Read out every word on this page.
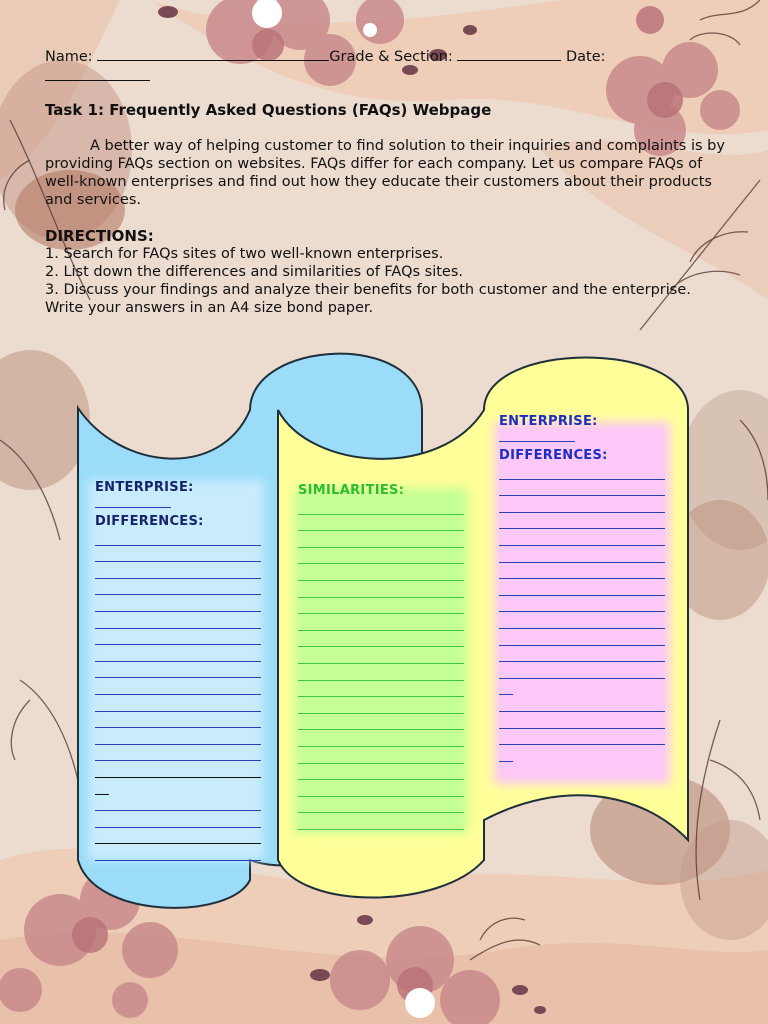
Name:	Grade & Section:	Date:

Task 1: Frequently Asked Questions (FAQs) Webpage
A better way of helping customer to find solution to their inquiries and complaints is by providing FAQs section on websites. FAQs differ for each company. Let us compare FAQs of well-known enterprises and find out how they educate their customers about their products and services.
DIRECTIONS:
1. Search for FAQs sites of two well-known enterprises.
2. List down the differences and similarities of FAQs sites.
3. Discuss your findings and analyze their benefits for both customer and the enterprise.
Write your answers in an A4 size bond paper.
ENTERPRISE:
DIFFERENCES:
SIMILARITIES:
ENTERPRISE:
DIFFERENCES:
